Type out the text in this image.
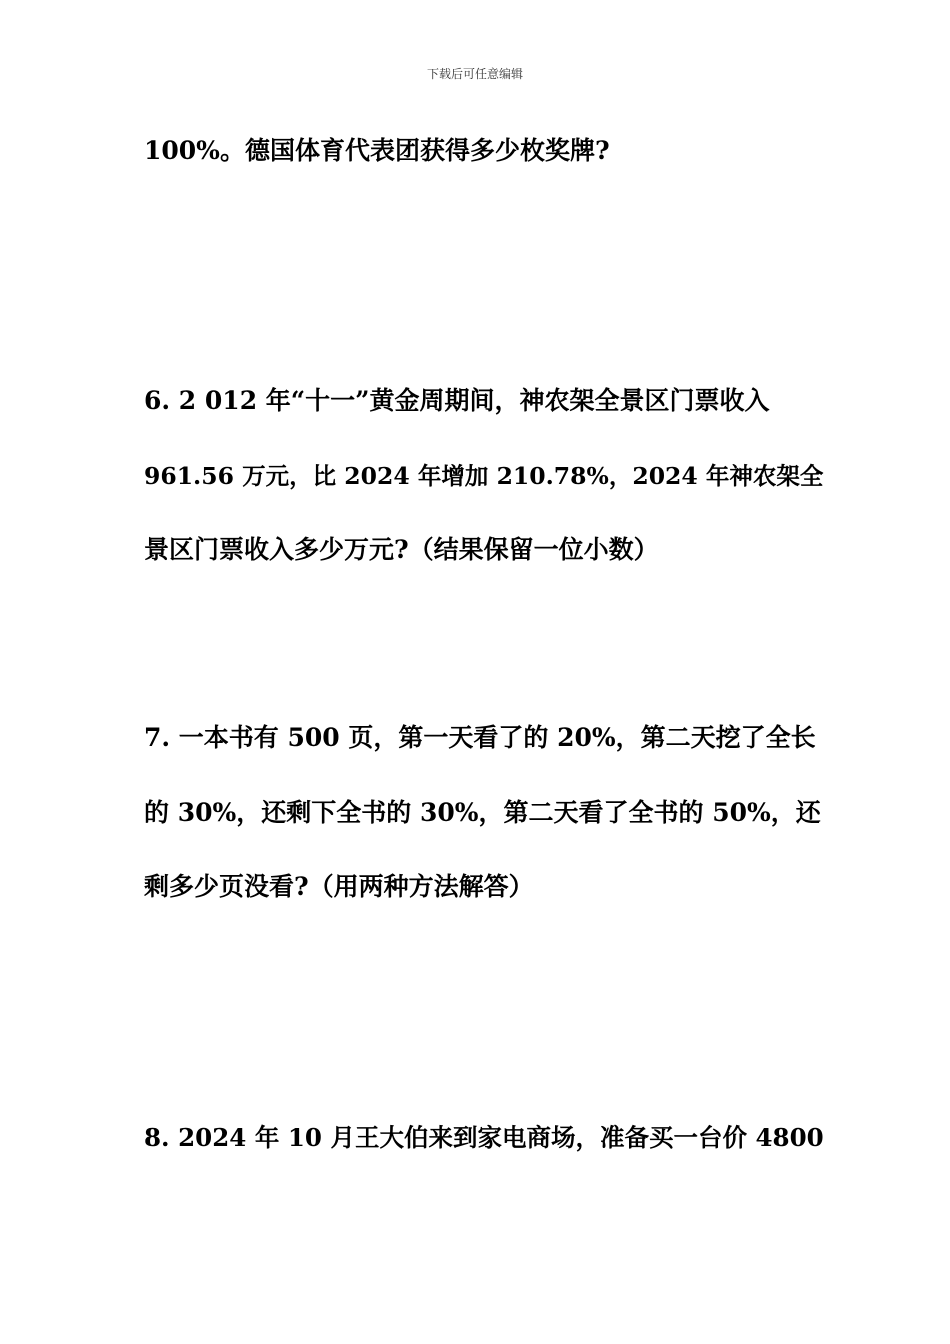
下载后可任意编辑
100%。德国体育代表团获得多少枚奖牌?
6. 2 012 年“十一”黄金周期间，神农架全景区门票收入
961.56 万元，比 2024 年增加 210.78%，2024 年神农架全
景区门票收入多少万元?（结果保留一位小数）
7. 一本书有 500 页，第一天看了的 20%，第二天挖了全长
的 30%，还剩下全书的 30%，第二天看了全书的 50%，还
剩多少页没看?（用两种方法解答）
8. 2024 年 10 月王大伯来到家电商场，准备买一台价 4800
